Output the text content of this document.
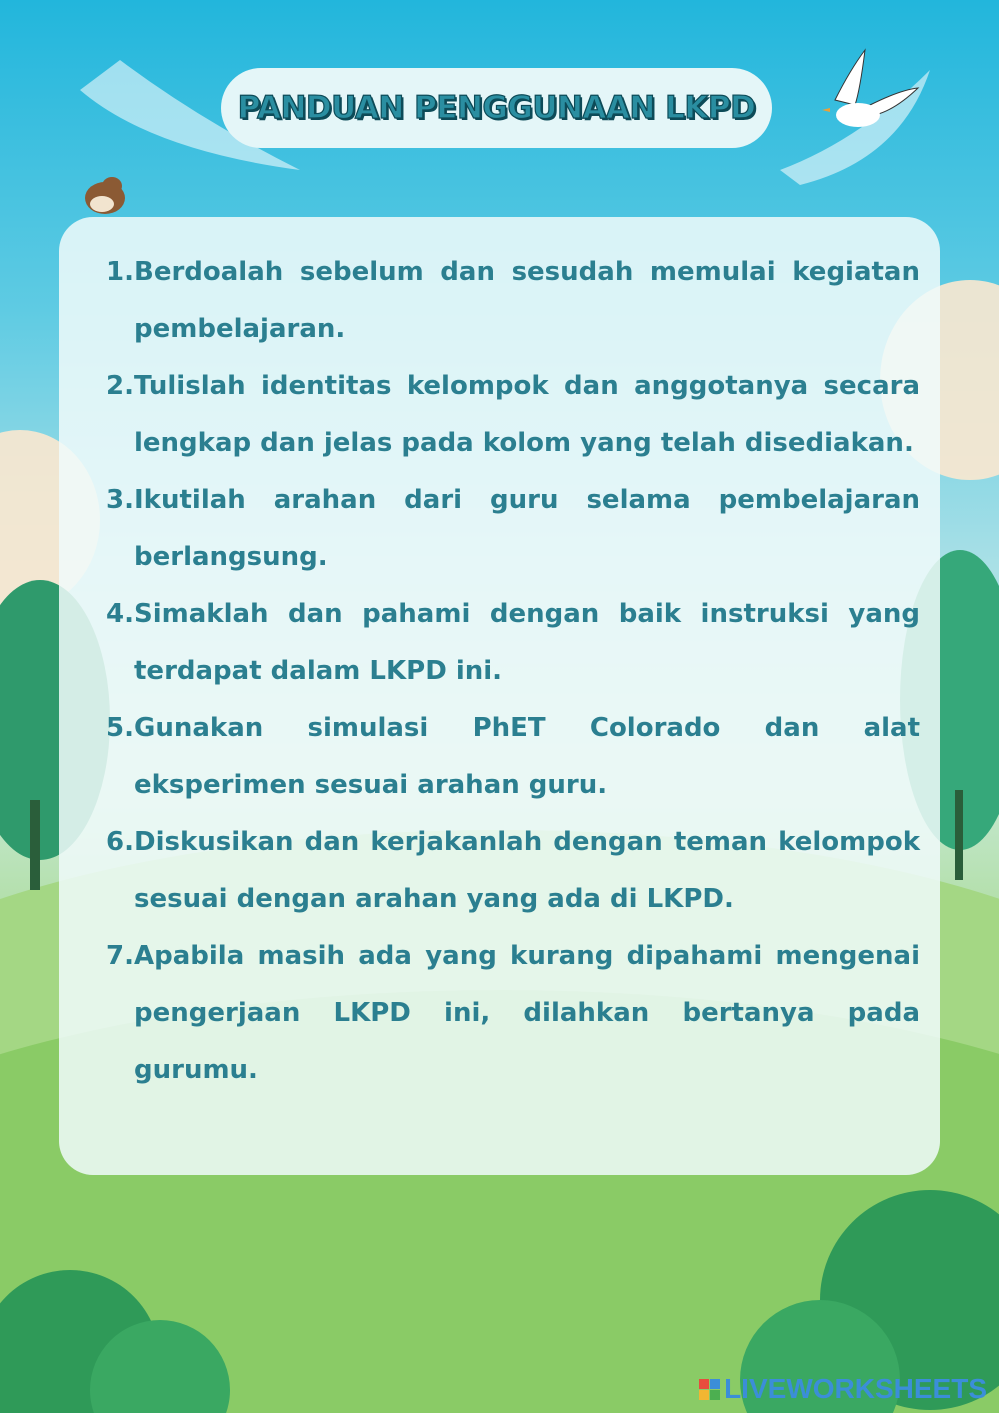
PANDUAN PENGGUNAAN LKPD
1. Berdoalah sebelum dan sesudah memulai kegiatan pembelajaran.
2. Tulislah identitas kelompok dan anggotanya secara lengkap dan jelas pada kolom yang telah disediakan.
3. Ikutilah arahan dari guru selama pembelajaran berlangsung.
4. Simaklah dan pahami dengan baik instruksi yang terdapat dalam LKPD ini.
5. Gunakan simulasi PhET Colorado dan alat eksperimen sesuai arahan guru.
6. Diskusikan dan kerjakanlah dengan teman kelompok sesuai dengan arahan yang ada di LKPD.
7. Apabila masih ada yang kurang dipahami mengenai pengerjaan LKPD ini, dilahkan bertanya pada gurumu.
LIVEWORKSHEETS
